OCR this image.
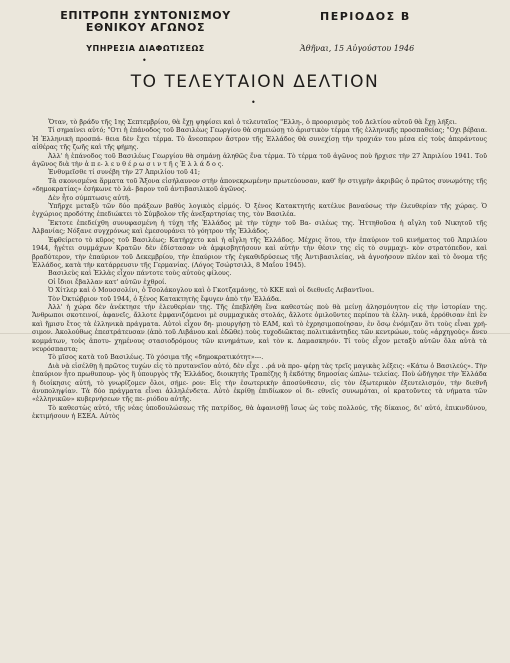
ΕΠΙΤΡΟΠΗ ΣΥΝΤΟΝΙΣΜΟΥ
ΕΘΝΙΚΟΥ ΑΓΩΝΟΣ
ΥΠΗΡΕΣΙΑ ΔΙΑΦΩΤΙΣΕΩΣ
•
ΠΕΡΙΟΔΟΣ Β
Ἀθῆναι, 15 Αὐγούστου 1946
ΤΟ ΤΕΛΕΥΤΑΙΟΝ ΔΕΛΤΙΟΝ
•

Ὅταν, τὸ βράδυ τῆς 1ης Σεπτεμβρίου, θὰ ἔχῃ ψηφίσει καὶ ὁ τελευταῖος "Ελλη-, ὁ προορισμὸς τοῦ Δελτίου αὐτοῦ θὰ ἔχῃ λήξει.

Τί σημαίνει αὐτό; "Οτι ἡ ἐπάνοδος τοῦ Βασιλέως Γεωργίου θὰ σημειώσῃ τὸ ἀριστικὸν τέρμα τῆς ἑλληνικῆς προσπαθείας; "Οχι βέβαια. Ἡ Ἑλληνικὴ προσπά- θεια δὲν ἔχει τέρμα. Τὸ ἄνεσπερον ἄστρον τῆς Ἑλλάδος θὰ συνεχίσῃ τὴν τροχιάν του μέσα εἰς τοὺς ἀπεράντους αἰθέρας τῆς ζωῆς καὶ τῆς φήμης.

Ἀλλ' ἡ ἐπάνοδος τοῦ Βασιλέως Γεωργίου θὰ σημάνῃ ἀληθῶς ἕνα τέρμα. Τὸ τέρμα τοῦ ἀγῶνος ποὺ ἤρχισε τὴν 27 Ἀπριλίου 1941. Τοῦ ἀγῶνος διὰ τὴν ἀ π ε- λ ε υ θ έ ρ ω σ ι ν τ ῆ ς Ἑ λ λ ά δ ο ς.

Ἐνθυμεῖσθε τί συνέβη τὴν 27 Ἀπριλίου τοῦ 41;

Τὰ σκονισμένα ἅρματα τοῦ Ἄξονα εἰσήλαυνον στὴν ἀπονεκρωμένην πρωτεύουσαν, καθ' ἣν στιγμὴν ἀκριβῶς ὁ πρῶτος συνωμότης τῆς «δημοκρατίας» ἐσήκωνε τὸ λά- βαρον τοῦ ἀντιβασιλικοῦ ἀγῶνος.

Δὲν ἦτο σύμπτωσις αὐτή.

Ὑπῆρχε μεταξὺ τῶν δύο πράξεων βαθὺς λογικὸς εἱρμός. Ὁ ξένος Κατακτητής κατέλυε βαναύσως τὴν ἐλευθερίαν τῆς χώρας. Ὁ ἐγχώριος προδότης ἐπεδιώκτει τὸ Σύμβολον τῆς ἀνεξαρτησίας της, τὸν Βασιλέα.

Ἔκτοτε ἐπεδείχθη συνυφασμένη ἡ τύχη τῆς Ἑλλάδος μὲ τὴν τύχην τοῦ Βα- σιλέως της. Ἡττηθοῦσα ἡ αἴγλη τοῦ Νικητοῦ τῆς Ἀλβανίας; Νόξανε συγχρόνως καὶ ἐμεσουράνει τὸ γόητρον τῆς Ἑλλάδος.

Ἐφθείρετο τὸ κῦρος τοῦ Βασιλέως; Κατήρχετο καὶ ἡ αἴγλη τῆς Ἑλλάδος. Μέχρις ὅτου, τὴν ἐπαύριον τοῦ κινήματος τοῦ Ἀπριλίου 1944, ἤγέτει συμμάχων Κρατῶν δὲν ἐδίστασαν νὰ ἀμφισβητήσουν καὶ αὐτὴν τὴν θέσιν της εἰς τὸ συμμαχι- κὸν στρατόπεδον, καὶ βραδύτερον, τὴν ἐπαύριον τοῦ Δεκεμβρίου, τὴν ἐπαύριον τῆς ἐγκαθιδρύσεως τῆς Ἀντιβασιλείας, νὰ ἀγνοήσουν πλέον καὶ τὸ ὄνομα τῆς Ἑλλάδος, κατὰ τὴν κατάρρευσιν τῆς Γερμανίας. (Λόγος Τσώρτσιλλ, 8 Μαΐου 1945).

Βασιλεὺς καὶ Ἑλλὰς εἶχον πάντοτε τοὺς αὐτοὺς φίλους.

Οἱ ἴδιοι ἔβαλλαν κατ' αὐτῶν ἐχθροί.

Ὁ Χίτλερ καὶ ὁ Μουσσολίνι, ὁ Τσολάκογλου καὶ ὁ Γκοτζαμάνης, τὸ ΚΚΕ καὶ οἱ διεθνεῖς Λεβαντῖνοι.

Τὸν Ὀκτώβριον τοῦ 1944, ὁ ξένος Κατακτητὴς ἔφυγεν ἀπὸ τὴν Ἑλλάδα.

Ἀλλ' ἡ χώρα δὲν ἀνέκτησε τὴν ἐλευθερίαν της. Τῆς ἐπεβλήθη ἕνα καθεστὼς ποὺ θὰ μείνῃ ἀλησμόνητον εἰς τὴν ἱστορίαν της. Ἄνθρωποι σκοτεινοί, ἀφανεῖς, ἄλλοτε ἐμφανιζόμενοι μὲ συμμαχικὰς στολάς, ἄλλοτε ὁμιλοῦντες περίπου τὰ ἑλλη- νικά, ἐρρόθισαν ἐπὶ ἓν καὶ ἥμισυ ἔτος τὰ ἑλληνικὰ πράγματα. Αὐτοὶ εἶχον δη- μιουργήσῃ τὸ ΕΑΜ, καὶ τὸ ἐχρησιμοποίησαν, ἐν ὅσῳ ἐνόμιζαν ὅτι τοὺς εἶναι χρή- σιμον. Ἀκολούθως ἐπεστράτευσαν (ἀπὸ τοῦ Λιβάνου καὶ ἐδῶθε) τοὺς τυχοδιῶκτας πολιτικάντηδες τῶν κεντρώων, τοὺς «ἀρχηγοὺς» ἄνευ κομμάτων, τοὺς ἀποτυ- χημένους στασιοδρόμους τῶν κινημάτων, καὶ τὸν κ. Δαμασκηνόν. Τί τοὺς εἶχον μεταξὺ αὐτῶν ὅλα αὐτὰ τὰ νευρόσπαστα;

Τὸ μῖσος κατὰ τοῦ Βασιλέως. Τὸ χόσιμα τῆς «δημοκρατικότητ»---.

Διὰ νὰ εἰσέλθῃ ἡ πρῶτος τυχὼν εἰς τὸ πρυτανεῖον αὐτό, δὲν εἶχε . .ρά νὰ προ- φέρῃ τὰς τρεῖς μαγικὰς λέξεις: «Κάτω ὁ Βασιλεύς». Τὴν ἐπαύριον ἦτο πρωθυπουρ- γὸς ἢ ὑπουργὸς τῆς Ἑλλάδος, διοικητὴς Τραπέζης ἢ ἐκδότης δημοσίας ὡπλω- τελείας. Ποὺ ὡδήγησε τὴν Ἑλλάδα ἡ διοίκησις αὐτή, τὸ γνωρίζομεν ὅλοι, σήμε- ρον: Εἰς τὴν ἐσωτερικὴν ἀποσύνθεσιν, εἰς τὸν ἐξωτερικὸν ἐξευτελισμόν, τὴν διεθνῆ ἀνυποληψίαν. Τὰ δύο πράγματα εἶναι ἀλληλένδετα. Αὐτὸ ἐκρίθῃ ἐπιδίωκον οἱ δι- εθνεῖς συνωμόται, οἱ κρατοῦντες τὰ νήματα τῶν «ἑλληνικῶν» κυβερνήσεων τῆς πε- ριόδου αὐτῆς.

Τὸ καθεστὼς αὐτό, τῆς νέας ὑποδουλώσεως τῆς πατρίδος, θὰ ἀφανισθῇ ἴσως ὡς τοὺς πολλούς, τῆς δίκαιος, δι' αὐτό, ἐπικινδύνου, ἐκτιμήσουν ἡ ΕΣΕΑ. Αὐτὸς
